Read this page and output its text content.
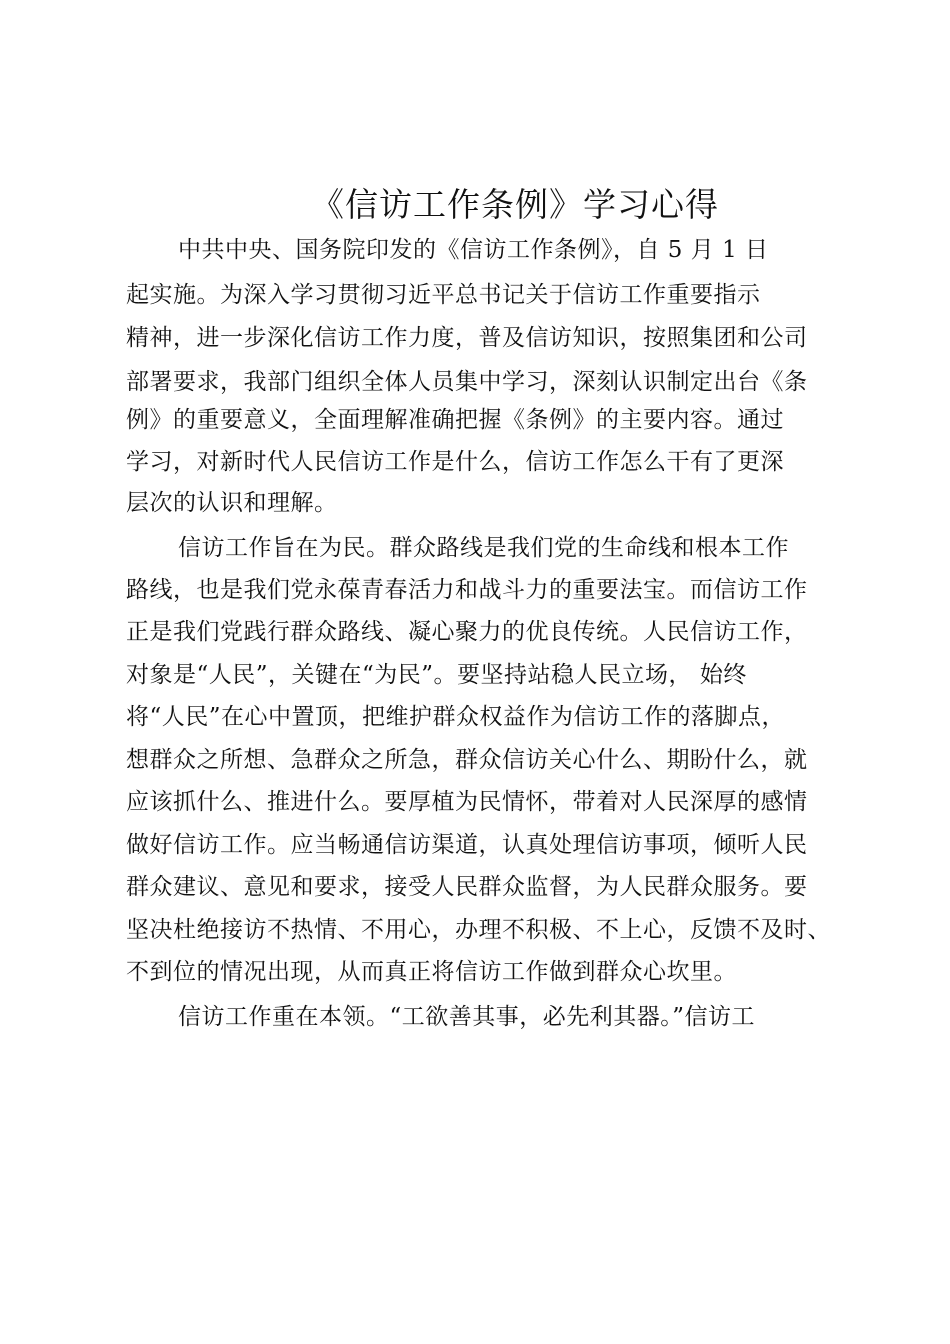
《信访工作条例》学习心得
中共中央、国务院印发的《信访工作条例》，自 5 月 1 日
起实施。为深入学习贯彻习近平总书记关于信访工作重要指示
精神，进一步深化信访工作力度，普及信访知识，按照集团和公司
部署要求，我部门组织全体人员集中学习，深刻认识制定出台《条
例》的重要意义，全面理解准确把握《条例》的主要内容。通过
学习，对新时代人民信访工作是什么，信访工作怎么干有了更深
层次的认识和理解。
信访工作旨在为民。群众路线是我们党的生命线和根本工作
路线，也是我们党永葆青春活力和战斗力的重要法宝。而信访工作
正是我们党践行群众路线、凝心聚力的优良传统。人民信访工作，
对象是“人民”，关键在“为民”。要坚持站稳人民立场， 始终
将“人民”在心中置顶，把维护群众权益作为信访工作的落脚点，
想群众之所想、急群众之所急，群众信访关心什么、期盼什么，就
应该抓什么、推进什么。要厚植为民情怀，带着对人民深厚的感情
做好信访工作。应当畅通信访渠道，认真处理信访事项，倾听人民
群众建议、意见和要求，接受人民群众监督，为人民群众服务。要
坚决杜绝接访不热情、不用心，办理不积极、不上心，反馈不及时、
不到位的情况出现，从而真正将信访工作做到群众心坎里。
信访工作重在本领。“工欲善其事，必先利其器。”信访工
